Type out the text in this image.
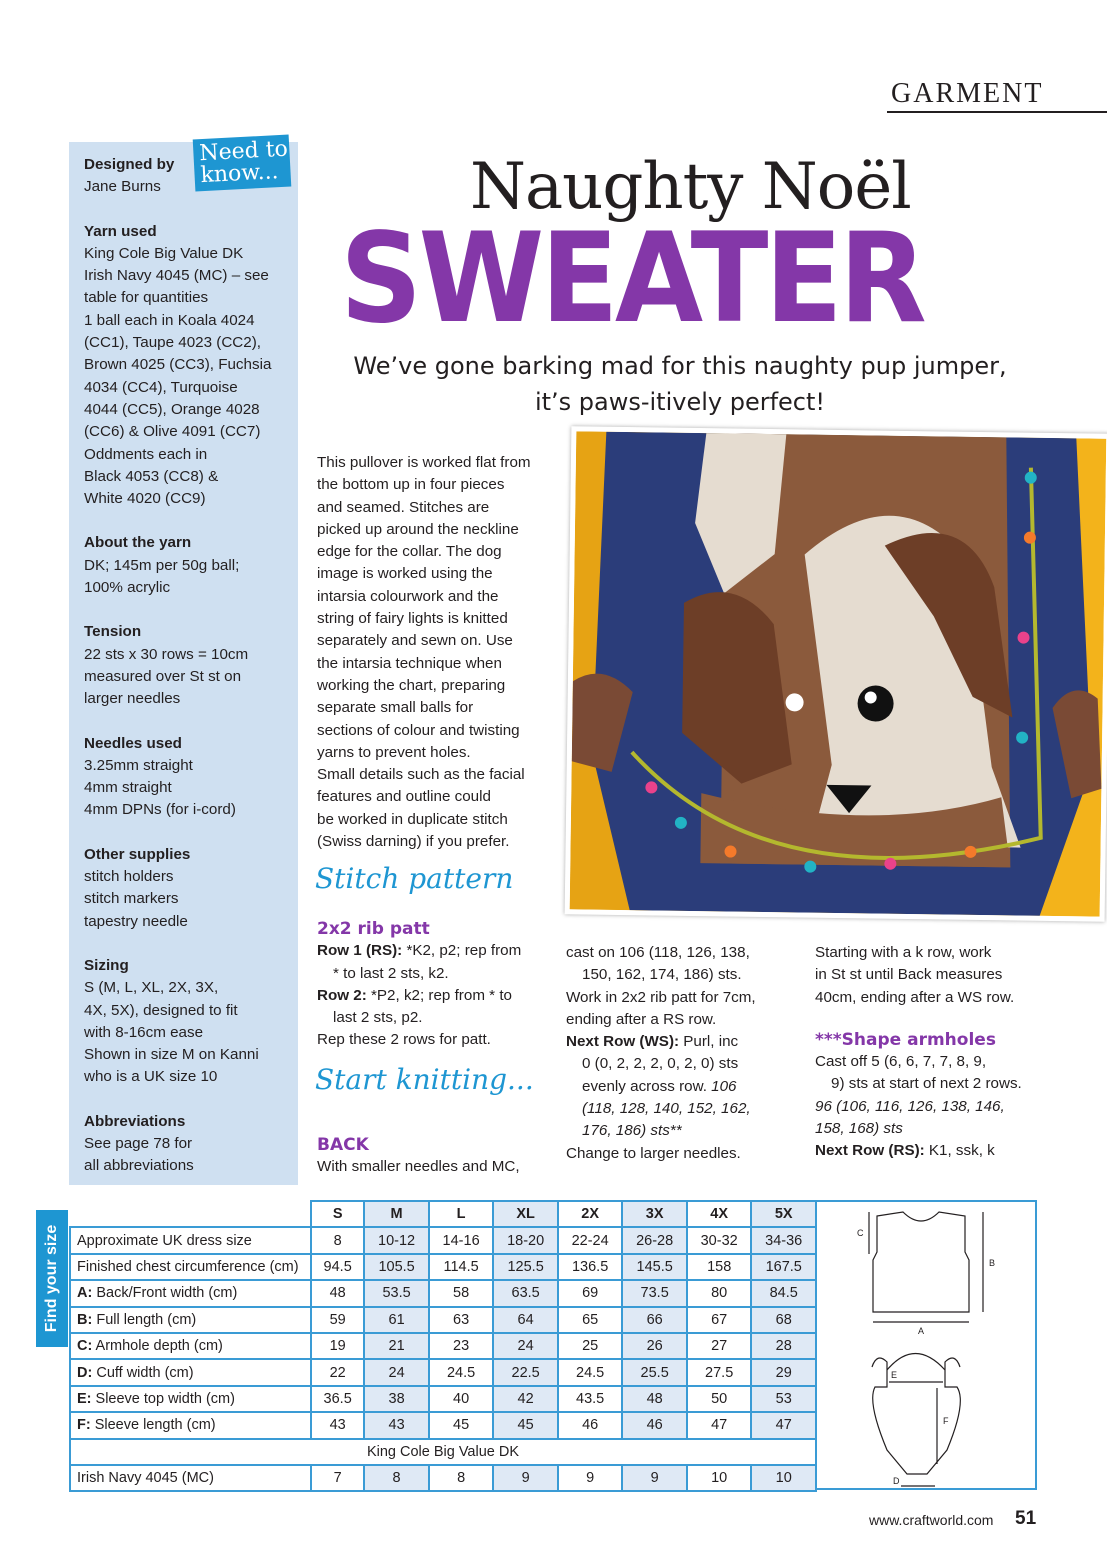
GARMENT
Need to
know...
Designed by
Jane Burns
Yarn used
King Cole Big Value DK
Irish Navy 4045 (MC) – see
table for quantities
1 ball each in Koala 4024
(CC1), Taupe 4023 (CC2),
Brown 4025 (CC3), Fuchsia
4034 (CC4), Turquoise
4044 (CC5), Orange 4028
(CC6) & Olive 4091 (CC7)
Oddments each in
Black 4053 (CC8) &
White 4020 (CC9)
About the yarn
DK; 145m per 50g ball;
100% acrylic
Tension
22 sts x 30 rows = 10cm
measured over St st on
larger needles
Needles used
3.25mm straight
4mm straight
4mm DPNs (for i-cord)
Other supplies
stitch holders
stitch markers
tapestry needle
Sizing
S (M, L, XL, 2X, 3X,
4X, 5X), designed to fit
with 8-16cm ease
Shown in size M on Kanni
who is a UK size 10
Abbreviations
See page 78 for
all abbreviations
Naughty Noël
SWEATER
We’ve gone barking mad for this naughty pup jumper,
it’s paws-itively perfect!
This pullover is worked flat from
the bottom up in four pieces
and seamed. Stitches are
picked up around the neckline
edge for the collar. The dog
image is worked using the
intarsia colourwork and the
string of fairy lights is knitted
separately and sewn on. Use
the intarsia technique when
working the chart, preparing
separate small balls for
sections of colour and twisting
yarns to prevent holes.
Small details such as the facial
features and outline could
be worked in duplicate stitch
(Swiss darning) if you prefer.
Stitch pattern
Start knitting...
2x2 rib patt
Row 1 (RS): *K2, p2; rep from
* to last 2 sts, k2.
Row 2: *P2, k2; rep from * to
last 2 sts, p2.
Rep these 2 rows for patt.
BACK
With smaller needles and MC,
cast on 106 (118, 126, 138,
150, 162, 174, 186) sts.
Work in 2x2 rib patt for 7cm,
ending after a RS row.
Next Row (WS): Purl, inc
0 (0, 2, 2, 2, 0, 2, 0) sts
evenly across row. 106
(118, 128, 140, 152, 162,
176, 186) sts**
Change to larger needles.
Starting with a k row, work
in St st until Back measures
40cm, ending after a WS row.
***Shape armholes
Cast off 5 (6, 6, 7, 7, 8, 9,
9) sts at start of next 2 rows.
96 (106, 116, 126, 138, 146,
158, 168) sts
Next Row (RS): K1, ssk, k
Find your size
	S	M	L	XL	2X	3X	4X	5X
Approximate UK dress size	8	10-12	14-16	18-20	22-24	26-28	30-32	34-36
Finished chest circumference (cm)	94.5	105.5	114.5	125.5	136.5	145.5	158	167.5
A: Back/Front width (cm)	48	53.5	58	63.5	69	73.5	80	84.5
B: Full length (cm)	59	61	63	64	65	66	67	68
C: Armhole depth (cm)	19	21	23	24	25	26	27	28
D: Cuff width (cm)	22	24	24.5	22.5	24.5	25.5	27.5	29
E: Sleeve top width (cm)	36.5	38	40	42	43.5	48	50	53
F: Sleeve length (cm)	43	43	45	45	46	46	47	47
King Cole Big Value DK								
Irish Navy 4045 (MC)	7	8	8	9	9	9	10	10
C
B
A
E
F
D
www.craftworld.com 51
